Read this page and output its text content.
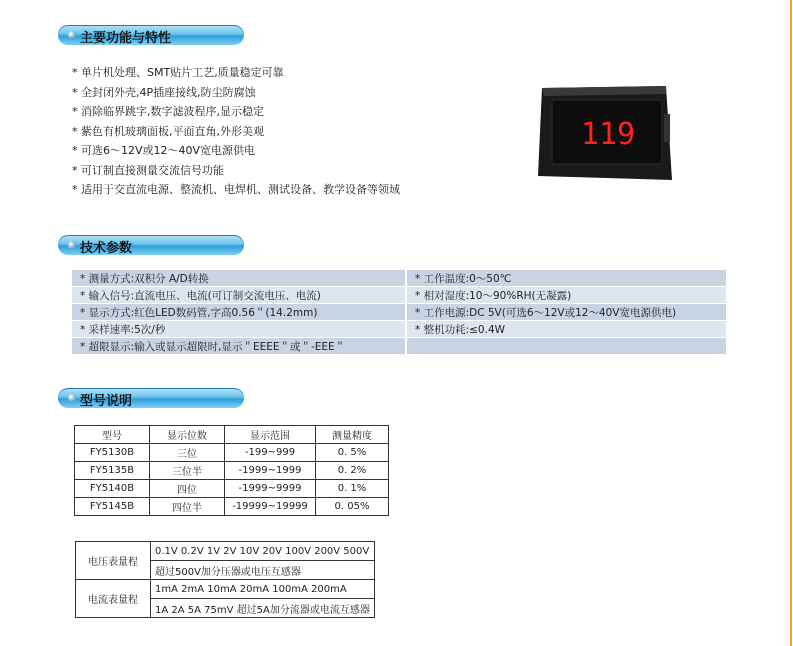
主要功能与特性
* 单片机处理、SMT贴片工艺,质量稳定可靠
* 全封闭外壳,4P插座接线,防尘防腐蚀
* 消除临界跳字,数字滤波程序,显示稳定
* 紫色有机玻璃面板,平面直角,外形美观
* 可选6～12V或12～40V宽电源供电
* 可订制直接测量交流信号功能
* 适用于交直流电源、整流机、电焊机、测试设备、教学设备等领域
119
技术参数
* 测量方式:双积分 A/D转换	* 工作温度:0～50℃
* 输入信号:直流电压、电流(可订制交流电压、电流)	* 相对湿度:10～90%RH(无凝露)
* 显示方式:红色LED数码管,字高0.56＂(14.2mm)	* 工作电源:DC 5V(可选6～12V或12～40V宽电源供电)
* 采样速率:5次/秒	* 整机功耗:≤0.4W
* 超限显示:输入或显示超限时,显示＂EEEE＂或＂-EEE＂	
型号说明
型号	显示位数	显示范围	测量精度
FY5130B	三位	-199~999	0. 5%
FY5135B	三位半	-1999~1999	0. 2%
FY5140B	四位	-1999~9999	0. 1%
FY5145B	四位半	-19999~19999	0. 05%
电压表量程	0.1V 0.2V 1V 2V 10V 20V 100V 200V 500V
	超过500V加分压器或电压互感器
电流表量程	1mA 2mA 10mA 20mA 100mA 200mA
	1A 2A 5A 75mV 超过5A加分流器或电流互感器
